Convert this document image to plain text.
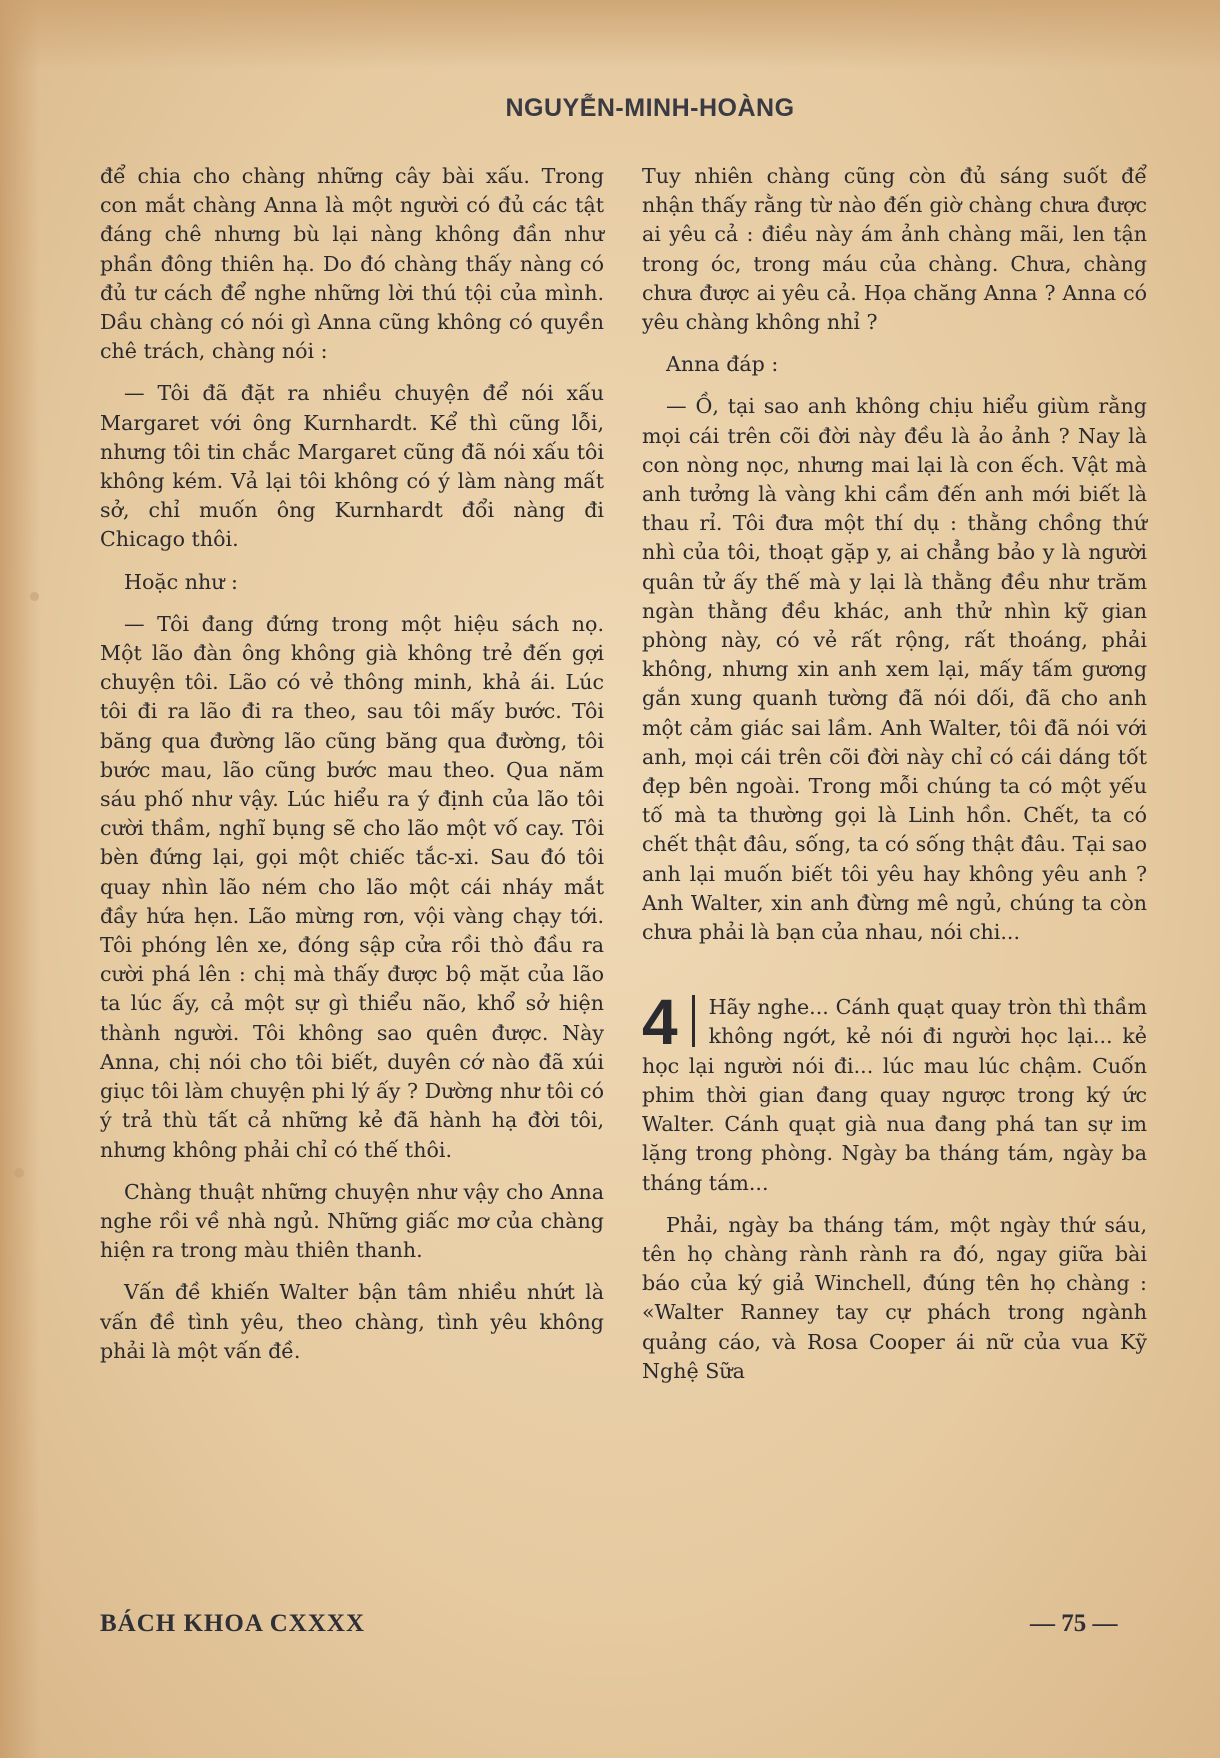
NGUYỄN-MINH-HOÀNG

để chia cho chàng những cây bài xấu. Trong con mắt chàng Anna là một người có đủ các tật đáng chê nhưng bù lại nàng không đần như phần đông thiên hạ. Do đó chàng thấy nàng có đủ tư cách để nghe những lời thú tội của mình. Dầu chàng có nói gì Anna cũng không có quyền chê trách, chàng nói :

— Tôi đã đặt ra nhiều chuyện để nói xấu Margaret với ông Kurnhardt. Kể thì cũng lỗi, nhưng tôi tin chắc Margaret cũng đã nói xấu tôi không kém. Vả lại tôi không có ý làm nàng mất sở, chỉ muốn ông Kurnhardt đổi nàng đi Chicago thôi.

Hoặc như :

— Tôi đang đứng trong một hiệu sách nọ. Một lão đàn ông không già không trẻ đến gợi chuyện tôi. Lão có vẻ thông minh, khả ái. Lúc tôi đi ra lão đi ra theo, sau tôi mấy bước. Tôi băng qua đường lão cũng băng qua đường, tôi bước mau, lão cũng bước mau theo. Qua năm sáu phố như vậy. Lúc hiểu ra ý định của lão tôi cười thầm, nghĩ bụng sẽ cho lão một vố cay. Tôi bèn đứng lại, gọi một chiếc tắc-xi. Sau đó tôi quay nhìn lão ném cho lão một cái nháy mắt đầy hứa hẹn. Lão mừng rơn, vội vàng chạy tới. Tôi phóng lên xe, đóng sập cửa rồi thò đầu ra cười phá lên : chị mà thấy được bộ mặt của lão ta lúc ấy, cả một sự gì thiểu não, khổ sở hiện thành người. Tôi không sao quên được. Này Anna, chị nói cho tôi biết, duyên cớ nào đã xúi giục tôi làm chuyện phi lý ấy ? Dường như tôi có ý trả thù tất cả những kẻ đã hành hạ đời tôi, nhưng không phải chỉ có thế thôi.

Chàng thuật những chuyện như vậy cho Anna nghe rồi về nhà ngủ. Những giấc mơ của chàng hiện ra trong màu thiên thanh.

Vấn đề khiến Walter bận tâm nhiều nhứt là vấn đề tình yêu, theo chàng, tình yêu không phải là một vấn đề.

Tuy nhiên chàng cũng còn đủ sáng suốt để nhận thấy rằng từ nào đến giờ chàng chưa được ai yêu cả : điều này ám ảnh chàng mãi, len tận trong óc, trong máu của chàng. Chưa, chàng chưa được ai yêu cả. Họa chăng Anna ? Anna có yêu chàng không nhỉ ?

Anna đáp :

— Ồ, tại sao anh không chịu hiểu giùm rằng mọi cái trên cõi đời này đều là ảo ảnh ? Nay là con nòng nọc, nhưng mai lại là con ếch. Vật mà anh tưởng là vàng khi cầm đến anh mới biết là thau rỉ. Tôi đưa một thí dụ : thằng chồng thứ nhì của tôi, thoạt gặp y, ai chẳng bảo y là người quân tử ấy thế mà y lại là thằng đều như trăm ngàn thằng đều khác, anh thử nhìn kỹ gian phòng này, có vẻ rất rộng, rất thoáng, phải không, nhưng xin anh xem lại, mấy tấm gương gắn xung quanh tường đã nói dối, đã cho anh một cảm giác sai lầm. Anh Walter, tôi đã nói với anh, mọi cái trên cõi đời này chỉ có cái dáng tốt đẹp bên ngoài. Trong mỗi chúng ta có một yếu tố mà ta thường gọi là Linh hồn. Chết, ta có chết thật đâu, sống, ta có sống thật đâu. Tại sao anh lại muốn biết tôi yêu hay không yêu anh ? Anh Walter, xin anh đừng mê ngủ, chúng ta còn chưa phải là bạn của nhau, nói chi...

4	Hãy nghe... Cánh quạt quay tròn thì thầm không ngớt, kẻ nói đi người học lại... kẻ học lại người nói đi... lúc mau lúc chậm. Cuốn phim thời gian đang quay ngược trong ký ức Walter. Cánh quạt già nua đang phá tan sự im lặng trong phòng. Ngày ba tháng tám, ngày ba tháng tám...

Phải, ngày ba tháng tám, một ngày thứ sáu, tên họ chàng rành rành ra đó, ngay giữa bài báo của ký giả Winchell, đúng tên họ chàng : «Walter Ranney tay cự phách trong ngành quảng cáo, và Rosa Cooper ái nữ của vua Kỹ Nghệ Sữa

BÁCH KHOA CXXXX	— 75 —
